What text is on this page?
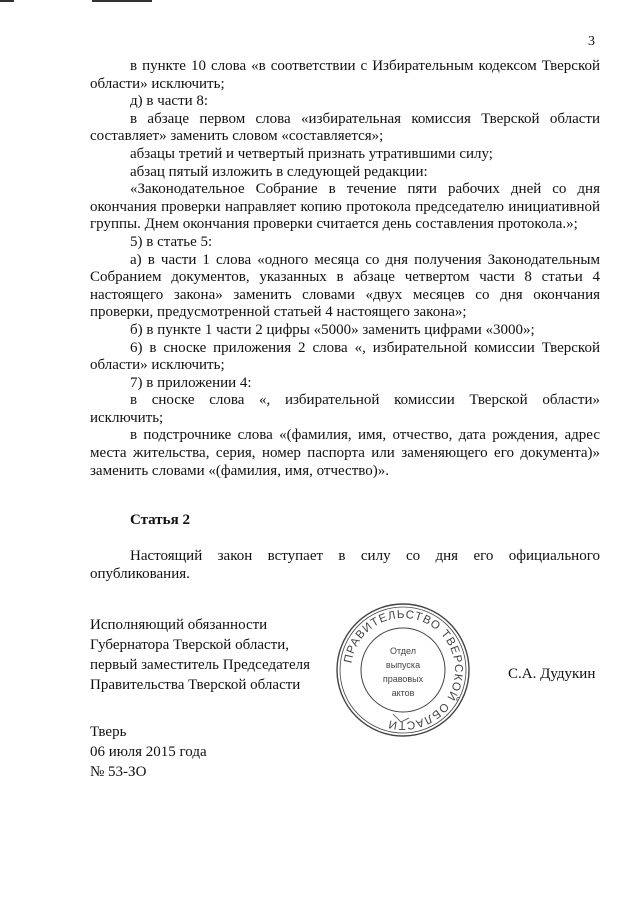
3

в пункте 10 слова «в соответствии с Избирательным кодексом Тверской области» исключить;

д) в части 8:

в абзаце первом слова «избирательная комиссия Тверской области составляет» заменить словом «составляется»;

абзацы третий и четвертый признать утратившими силу;

абзац пятый изложить в следующей редакции:

«Законодательное Собрание в течение пяти рабочих дней со дня окончания проверки направляет копию протокола председателю инициативной группы. Днем окончания проверки считается день составления протокола.»;

5) в статье 5:

а) в части 1 слова «одного месяца со дня получения Законодательным Собранием документов, указанных в абзаце четвертом части 8 статьи 4 настоящего закона» заменить словами «двух месяцев со дня окончания проверки, предусмотренной статьей 4 настоящего закона»;

б) в пункте 1 части 2 цифры «5000» заменить цифрами «3000»;

6) в сноске приложения 2 слова «, избирательной комиссии Тверской области» исключить;

7) в приложении 4:

в сноске слова «, избирательной комиссии Тверской области» исключить;

в подстрочнике слова «(фамилия, имя, отчество, дата рождения, адрес места жительства, серия, номер паспорта или заменяющего его документа)» заменить словами «(фамилия, имя, отчество)».

Статья 2

Настоящий закон вступает в силу со дня его официального опубликования.

Исполняющий обязанности
Губернатора Тверской области,
первый заместитель Председателя
Правительства Тверской области
ПРАВИТЕЛЬСТВО ТВЕРСКОЙ ОБЛАСТИ
Отдел
выпуска
правовых
актов
С.А. Дудукин
Тверь
06 июля 2015 года
№ 53-ЗО
